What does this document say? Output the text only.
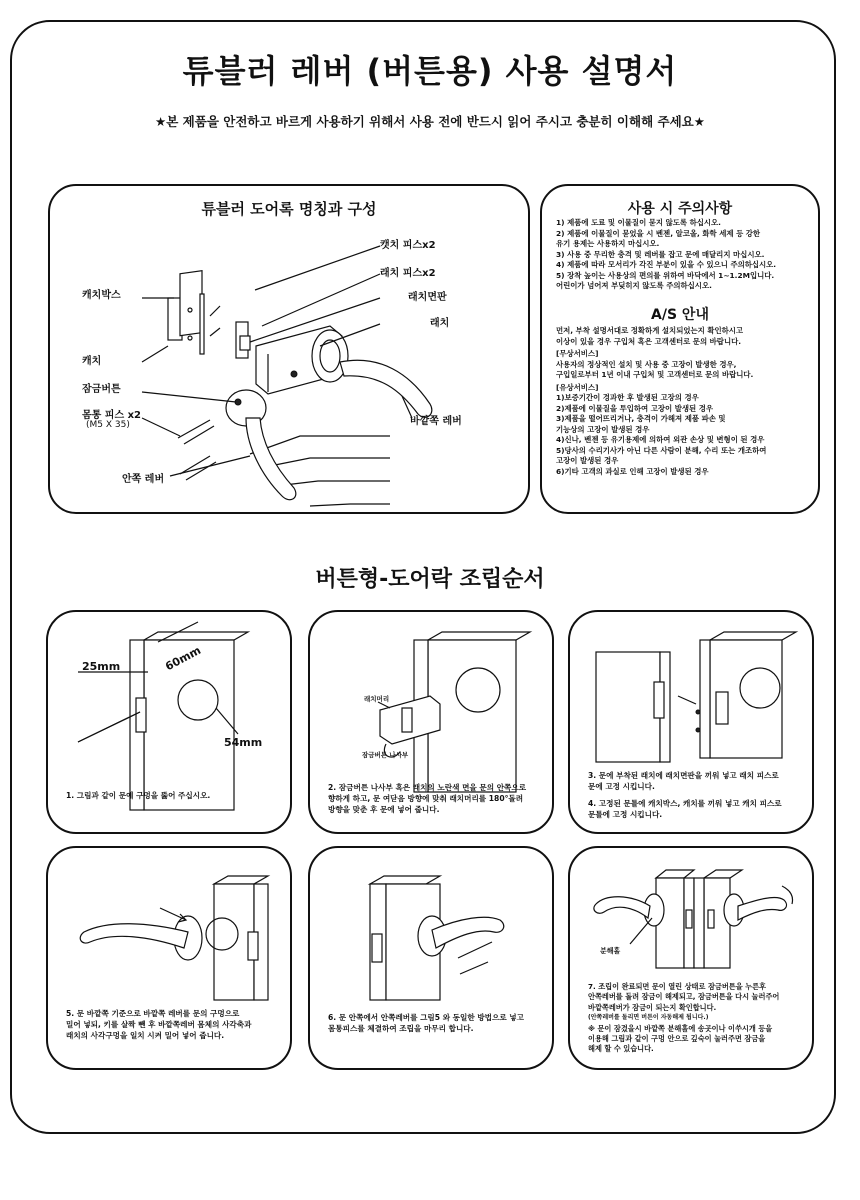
튜블러 레버 (버튼용) 사용 설명서
★본 제품을 안전하고 바르게 사용하기 위해서 사용 전에 반드시 읽어 주시고 충분히 이해해 주세요★
튜블러 도어록 명칭과 구성
캣치 피스x2
래치 피스x2
래치면판
래치
캐치박스
캐치
잠금버튼
몸통 피스 x2
(M5 X 35)	바깥쪽 레버
안쪽 레버
사용 시 주의사항
1) 제품에 도료 및 이물질이 묻지 않도록 하십시오.
2) 제품에 이물질이 묻었을 시 벤젠, 알코올, 화학 세제 등 강한
유기 용제는 사용하지 마십시오.
3) 사용 중 무리한 충격 및 레버를 잡고 문에 매달리지 마십시오.
4) 제품에 따라 모서리가 각진 부분이 있을 수 있으니 주의하십시오.
5) 장착 높이는 사용상의 편의를 위하여 바닥에서 1~1.2M입니다.
어린이가 넘어져 부딪히지 않도록 주의하십시오.
A/S 안내
먼저, 부착 설명서대로 정확하게 설치되었는지 확인하시고
이상이 있을 경우 구입처 혹은 고객센터로 문의 바랍니다.
[무상서비스]
사용자의 정상적인 설치 및 사용 중 고장이 발생한 경우,
구입일로부터 1년 이내 구입처 및 고객센터로 문의 바랍니다.
[유상서비스]
1)보증기간이 경과한 후 발생된 고장의 경우
2)제품에 이물질을 투입하여 고장이 발생된 경우
3)제품을 떨어뜨리거나, 충격이 가해져 제품 파손 및
기능상의 고장이 발생된 경우
4)신나, 벤젠 등 유기용제에 의하여 외관 손상 및 변형이 된 경우
5)당사의 수리기사가 아닌 다른 사람이 분해, 수리 또는 개조하여
고장이 발생된 경우
6)기타 고객의 과실로 인해 고장이 발생된 경우
버튼형-도어락 조립순서
25mm	60mm
54mm
1. 그림과 같이 문에 구멍을 뚫어 주십시오.
래치머리
잠금버튼 나사부
2. 잠금버튼 나사부 혹은 래치의 노란색 면을 문의 안쪽으로
향하게 하고, 문 여닫음 방향에 맞춰 래치머리를 180°돌려
방향을 맞춘 후 문에 넣어 줍니다.
3. 문에 부착된 래치에 래치면판을 끼워 넣고 래치 피스로
문에 고정 시킵니다.
4. 고정된 문틀에 캐치박스, 캐치를 끼워 넣고 캐치 피스로
문틀에 고정 시킵니다.
5. 문 바깥쪽 기준으로 바깥쪽 레버를 문의 구멍으로
밀어 넣되, 키를 살짝 뺀 후 바깥쪽레버 몸체의 사각축과
래치의 사각구멍을 일치 시켜 밀어 넣어 줍니다.
6. 문 안쪽에서 안쪽레버를 그림5 와 동일한 방법으로 넣고
몸통피스를 체결하여 조립을 마무리 합니다.
분해홀
7. 조립이 완료되면 문이 열린 상태로 잠금버튼을 누른후
안쪽레버를 돌려 잠금이 해제되고, 잠금버튼을 다시 눌러주어
바깥쪽레버가 잠금이 되는지 확인합니다.
(안쪽레버를 돌리면 버튼이 자동해제 됩니다.)
※ 문이 잠겼을시 바깥쪽 분해홀에 송곳이나 이쑤시개 등을
이용해 그림과 같이 구멍 안으로 깊숙이 눌러주면 잠금을
해제 할 수 있습니다.
